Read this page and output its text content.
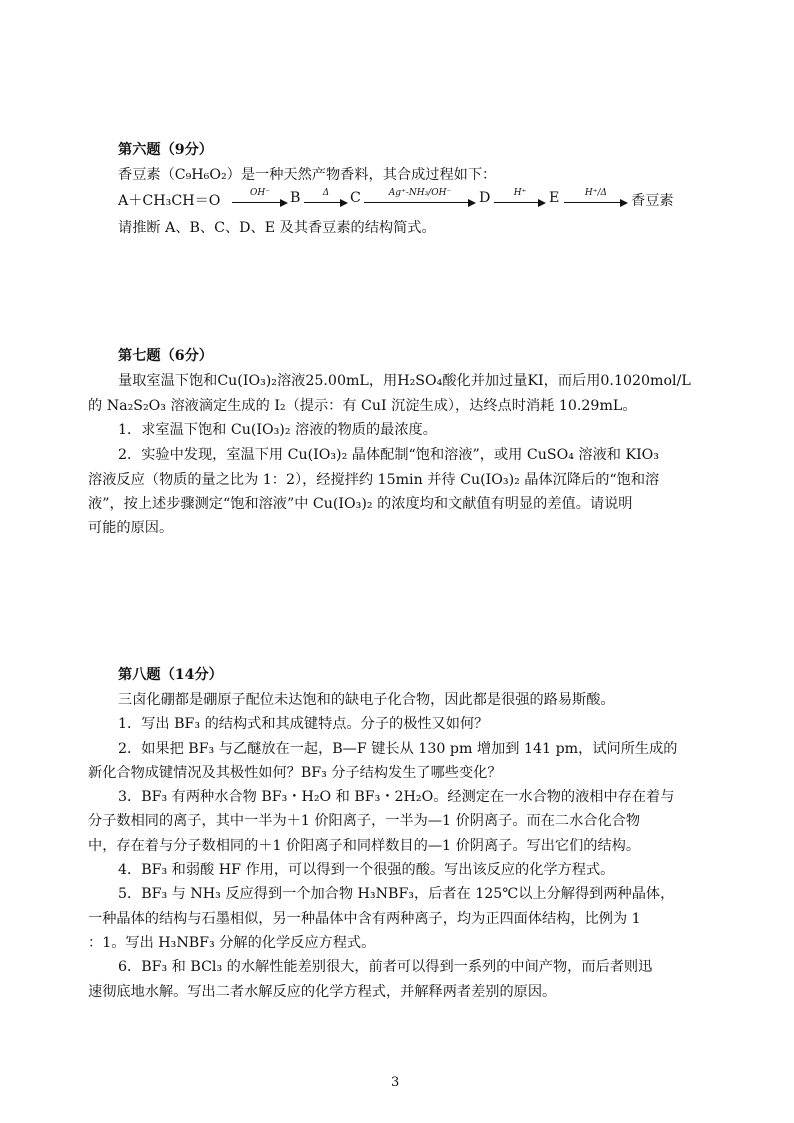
第六题（9分）
香豆素（C₉H₆O₂）是一种天然产物香料，其合成过程如下：
A＋CH₃CH＝O	OH⁻	B	Δ	C	Ag⁺-NH₃/OH⁻	D	H⁺	E	H⁺/Δ	香豆素
请推断 A、B、C、D、E 及其香豆素的结构简式。
第七题（6分）
量取室温下饱和Cu(IO₃)₂溶液25.00mL，用H₂SO₄酸化并加过量KI，而后用0.1020mol/L
的 Na₂S₂O₃ 溶液滴定生成的 I₂（提示：有 CuI 沉淀生成），达终点时消耗 10.29mL。
1．求室温下饱和 Cu(IO₃)₂ 溶液的物质的最浓度。
2．实验中发现，室温下用 Cu(IO₃)₂ 晶体配制“饱和溶液”，或用 CuSO₄ 溶液和 KIO₃
溶液反应（物质的量之比为 1：2），经搅拌约 15min 并待 Cu(IO₃)₂ 晶体沉降后的“饱和溶
液”，按上述步骤测定“饱和溶液”中 Cu(IO₃)₂ 的浓度均和文献值有明显的差值。请说明
可能的原因。
第八题（14分）
三卤化硼都是硼原子配位未达饱和的缺电子化合物，因此都是很强的路易斯酸。
1．写出 BF₃ 的结构式和其成键特点。分子的极性又如何？
2．如果把 BF₃ 与乙醚放在一起，B—F 键长从 130 pm 增加到 141 pm，试问所生成的
新化合物成键情况及其极性如何？BF₃ 分子结构发生了哪些变化？
3．BF₃ 有两种水合物 BF₃・H₂O 和 BF₃・2H₂O。经测定在一水合物的液相中存在着与
分子数相同的离子，其中一半为＋1 价阳离子，一半为—1 价阴离子。而在二水合化合物
中，存在着与分子数相同的＋1 价阳离子和同样数目的—1 价阴离子。写出它们的结构。
4．BF₃ 和弱酸 HF 作用，可以得到一个很强的酸。写出该反应的化学方程式。
5．BF₃ 与 NH₃ 反应得到一个加合物 H₃NBF₃，后者在 125℃以上分解得到两种晶体，
一种晶体的结构与石墨相似，另一种晶体中含有两种离子，均为正四面体结构，比例为 1
：1。写出 H₃NBF₃ 分解的化学反应方程式。
6．BF₃ 和 BCl₃ 的水解性能差别很大，前者可以得到一系列的中间产物，而后者则迅
速彻底地水解。写出二者水解反应的化学方程式，并解释两者差别的原因。
3
